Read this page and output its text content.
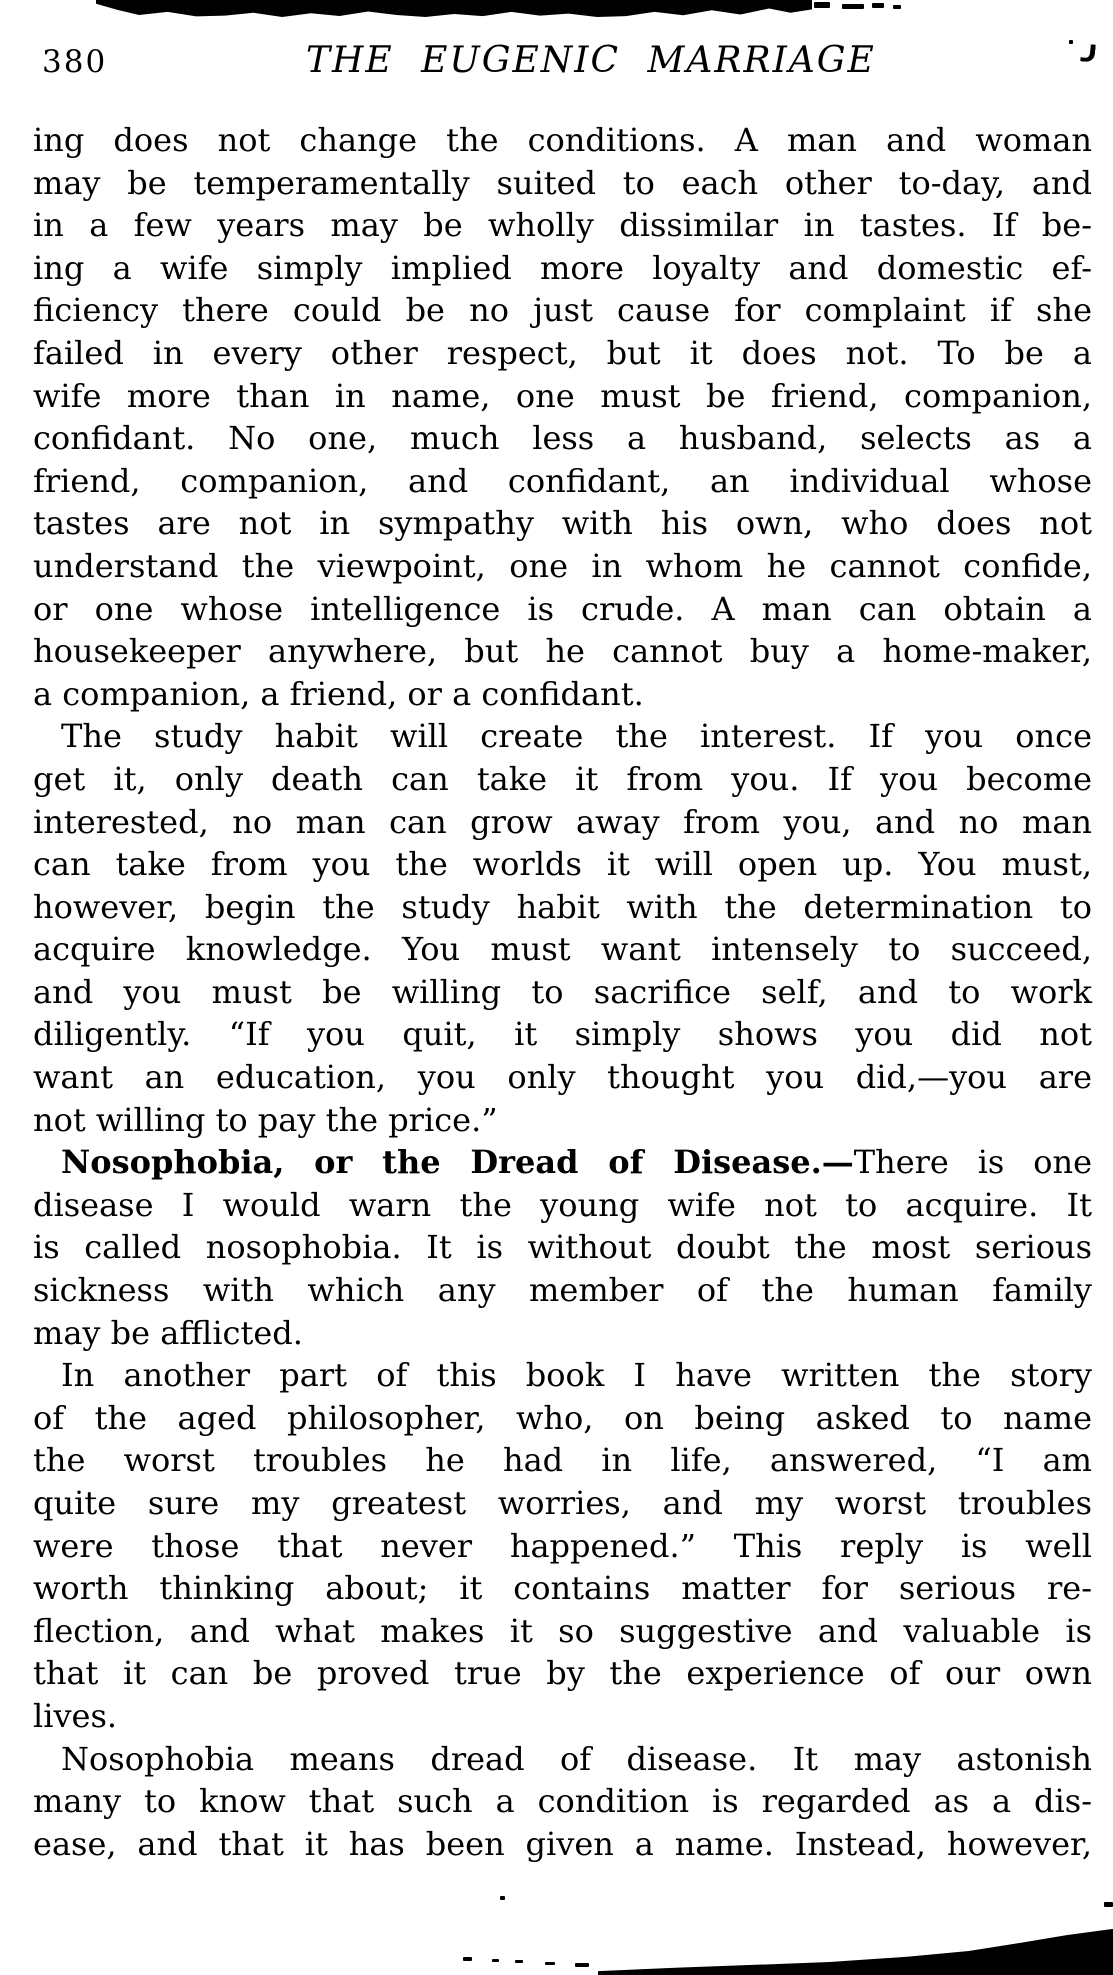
380	THE EUGENIC MARRIAGE
ing does not change the conditions. A man and woman
may be temperamentally suited to each other to-day, and
in a few years may be wholly dissimilar in tastes. If be-
ing a wife simply implied more loyalty and domestic ef-
ficiency there could be no just cause for complaint if she
failed in every other respect, but it does not. To be a
wife more than in name, one must be friend, companion,
confidant. No one, much less a husband, selects as a
friend, companion, and confidant, an individual whose
tastes are not in sympathy with his own, who does not
understand the viewpoint, one in whom he cannot confide,
or one whose intelligence is crude. A man can obtain a
housekeeper anywhere, but he cannot buy a home-maker,
a companion, a friend, or a confidant.
The study habit will create the interest. If you once
get it, only death can take it from you. If you become
interested, no man can grow away from you, and no man
can take from you the worlds it will open up. You must,
however, begin the study habit with the determination to
acquire knowledge. You must want intensely to succeed,
and you must be willing to sacrifice self, and to work
diligently. “If you quit, it simply shows you did not
want an education, you only thought you did,—you are
not willing to pay the price.”
Nosophobia, or the Dread of Disease.—There is one
disease I would warn the young wife not to acquire. It
is called nosophobia. It is without doubt the most serious
sickness with which any member of the human family
may be afflicted.
In another part of this book I have written the story
of the aged philosopher, who, on being asked to name
the worst troubles he had in life, answered, “I am
quite sure my greatest worries, and my worst troubles
were those that never happened.” This reply is well
worth thinking about; it contains matter for serious re-
flection, and what makes it so suggestive and valuable is
that it can be proved true by the experience of our own
lives.
Nosophobia means dread of disease. It may astonish
many to know that such a condition is regarded as a dis-
ease, and that it has been given a name. Instead, however,
